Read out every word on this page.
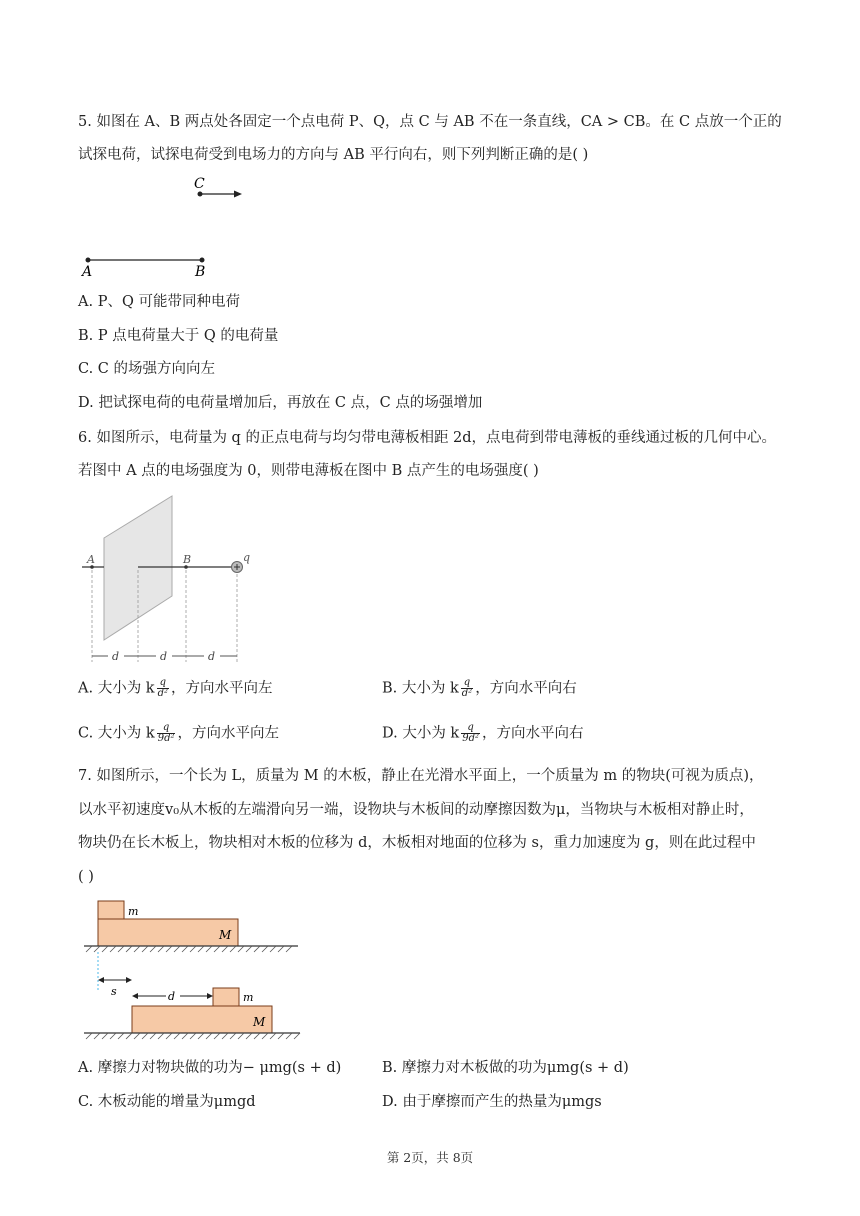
5. 如图在 A、B 两点处各固定一个点电荷 P、Q，点 C 与 AB 不在一条直线，CA > CB。在 C 点放一个正的
试探电荷，试探电荷受到电场力的方向与 AB 平行向右，则下列判断正确的是( )
C
A	B
A. P、Q 可能带同种电荷
B. P 点电荷量大于 Q 的电荷量
C. C 的场强方向向左
D. 把试探电荷的电荷量增加后，再放在 C 点，C 点的场强增加
6. 如图所示，电荷量为 q 的正点电荷与均匀带电薄板相距 2d，点电荷到带电薄板的垂线通过板的几何中心。
若图中 A 点的电场强度为 0，则带电薄板在图中 B 点产生的电场强度( )
A	B	q
d	d	d
A. 大小为 k $\frac{q}{\text{d²}}$ ，方向水平向左	B. 大小为 k $\frac{q}{\text{d²}}$ ，方向水平向右
C. 大小为 k $\frac{q}{\text{9d²}}$ ，方向水平向左	D. 大小为 k $\frac{q}{\text{9d²}}$ ，方向水平向右
7. 如图所示，一个长为 L，质量为 M 的木板，静止在光滑水平面上，一个质量为 m 的物块(可视为质点)，
以水平初速度v₀从木板的左端滑向另一端，设物块与木板间的动摩擦因数为μ，当物块与木板相对静止时，
物块仍在长木板上，物块相对木板的位移为 d，木板相对地面的位移为 s，重力加速度为 g，则在此过程中
( )
m
M
s	d	m
M
A. 摩擦力对物块做的功为− μmg(s + d)	B. 摩擦力对木板做的功为μmg(s + d)
C. 木板动能的增量为μmgd	D. 由于摩擦而产生的热量为μmgs
第 2页，共 8页
